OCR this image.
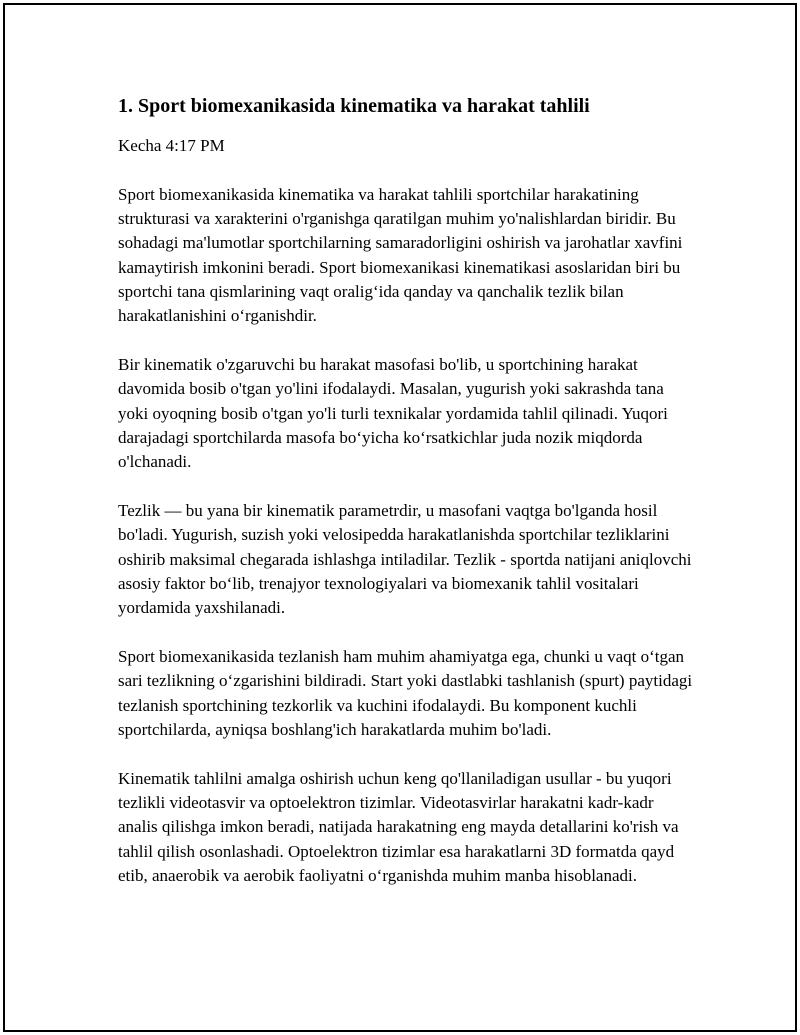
1. Sport biomexanikasida kinematika va harakat tahlili

Kecha 4:17 PM

Sport biomexanikasida kinematika va harakat tahlili sportchilar harakatining strukturasi va xarakterini o'rganishga qaratilgan muhim yo'nalishlardan biridir. Bu sohadagi ma'lumotlar sportchilarning samaradorligini oshirish va jarohatlar xavfini kamaytirish imkonini beradi. Sport biomexanikasi kinematikasi asoslaridan biri bu sportchi tana qismlarining vaqt oralig‘ida qanday va qanchalik tezlik bilan harakatlanishini o‘rganishdir.

Bir kinematik o'zgaruvchi bu harakat masofasi bo'lib, u sportchining harakat davomida bosib o'tgan yo'lini ifodalaydi. Masalan, yugurish yoki sakrashda tana yoki oyoqning bosib o'tgan yo'li turli texnikalar yordamida tahlil qilinadi. Yuqori darajadagi sportchilarda masofa bo‘yicha ko‘rsatkichlar juda nozik miqdorda o'lchanadi.

Tezlik — bu yana bir kinematik parametrdir, u masofani vaqtga bo'lganda hosil bo'ladi. Yugurish, suzish yoki velosipedda harakatlanishda sportchilar tezliklarini oshirib maksimal chegarada ishlashga intiladilar. Tezlik - sportda natijani aniqlovchi asosiy faktor bo‘lib, trenajyor texnologiyalari va biomexanik tahlil vositalari yordamida yaxshilanadi.

Sport biomexanikasida tezlanish ham muhim ahamiyatga ega, chunki u vaqt o‘tgan sari tezlikning o‘zgarishini bildiradi. Start yoki dastlabki tashlanish (spurt) paytidagi tezlanish sportchining tezkorlik va kuchini ifodalaydi. Bu komponent kuchli sportchilarda, ayniqsa boshlang'ich harakatlarda muhim bo'ladi.

Kinematik tahlilni amalga oshirish uchun keng qo'llaniladigan usullar - bu yuqori tezlikli videotasvir va optoelektron tizimlar. Videotasvirlar harakatni kadr-kadr analis qilishga imkon beradi, natijada harakatning eng mayda detallarini ko'rish va tahlil qilish osonlashadi. Optoelektron tizimlar esa harakatlarni 3D formatda qayd etib, anaerobik va aerobik faoliyatni o‘rganishda muhim manba hisoblanadi.
